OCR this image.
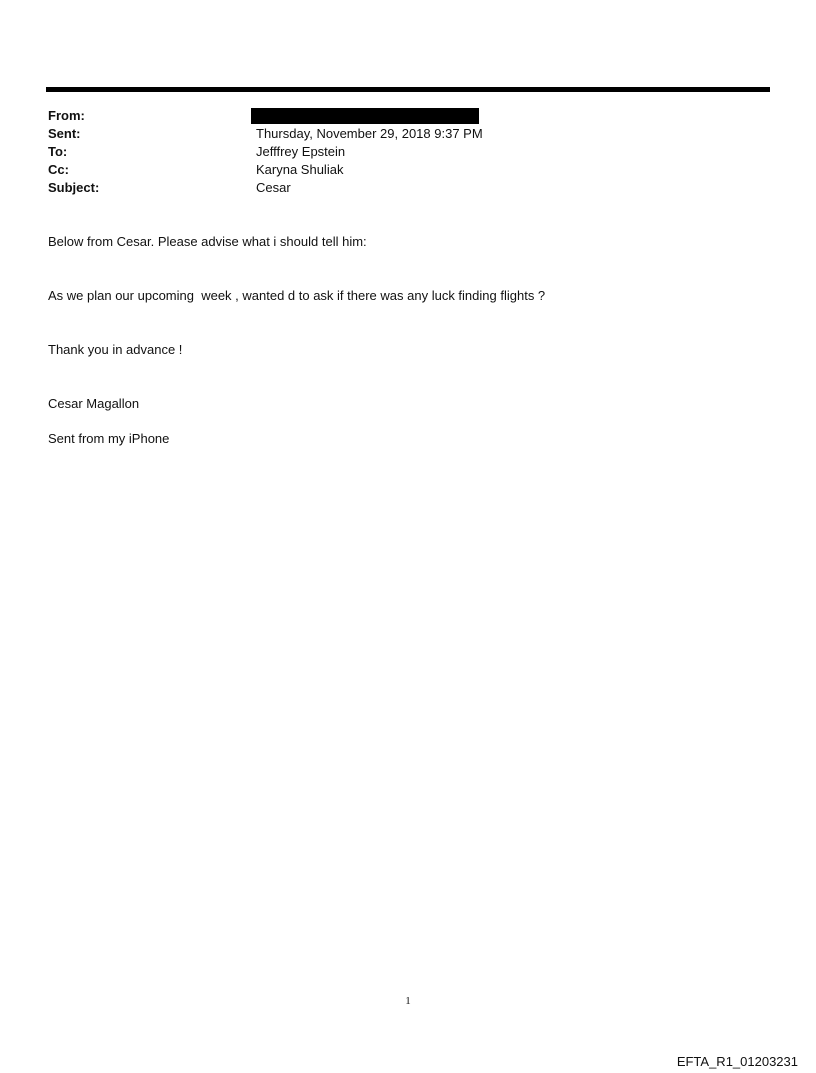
From:
Sent:	Thursday, November 29, 2018 9:37 PM
To:	Jefffrey Epstein
Cc:	Karyna Shuliak
Subject:	Cesar
Below from Cesar. Please advise what i should tell him:
As we plan our upcoming  week , wanted d to ask if there was any luck finding flights ?
Thank you in advance !
Cesar Magallon
Sent from my iPhone
1
EFTA_R1_01203231
